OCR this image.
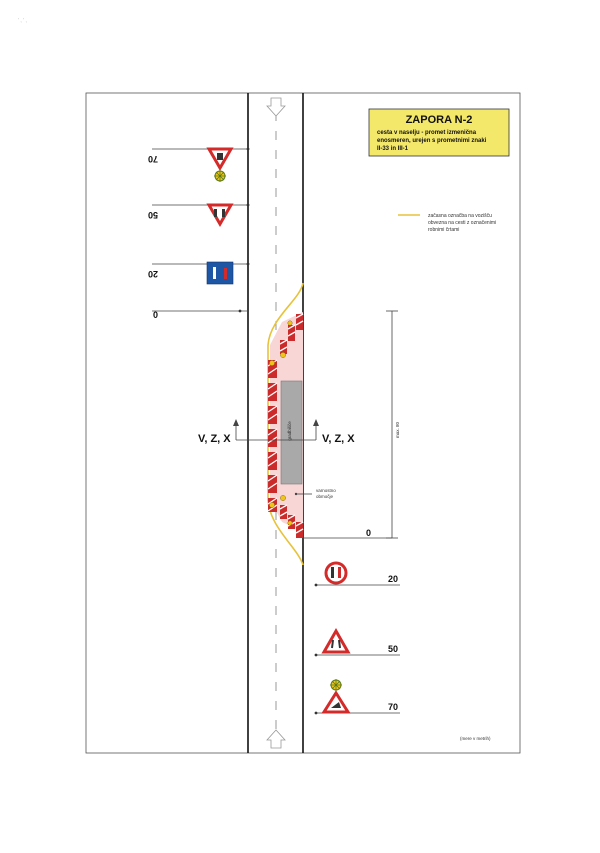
' , ' ,
gradbišče
varnostno
območje
V, Z, X	V, Z, X
max. 80
70
50
20
0
0
20
50
70
ZAPORA N-2
cesta v naselju - promet izmenična
enosmeren, urejen s prometnimi znaki
II-33 in III-1
začasna označba na vozišču
obvezna na cesti z označenimi
robnimi črtami
(mere v metrih)
